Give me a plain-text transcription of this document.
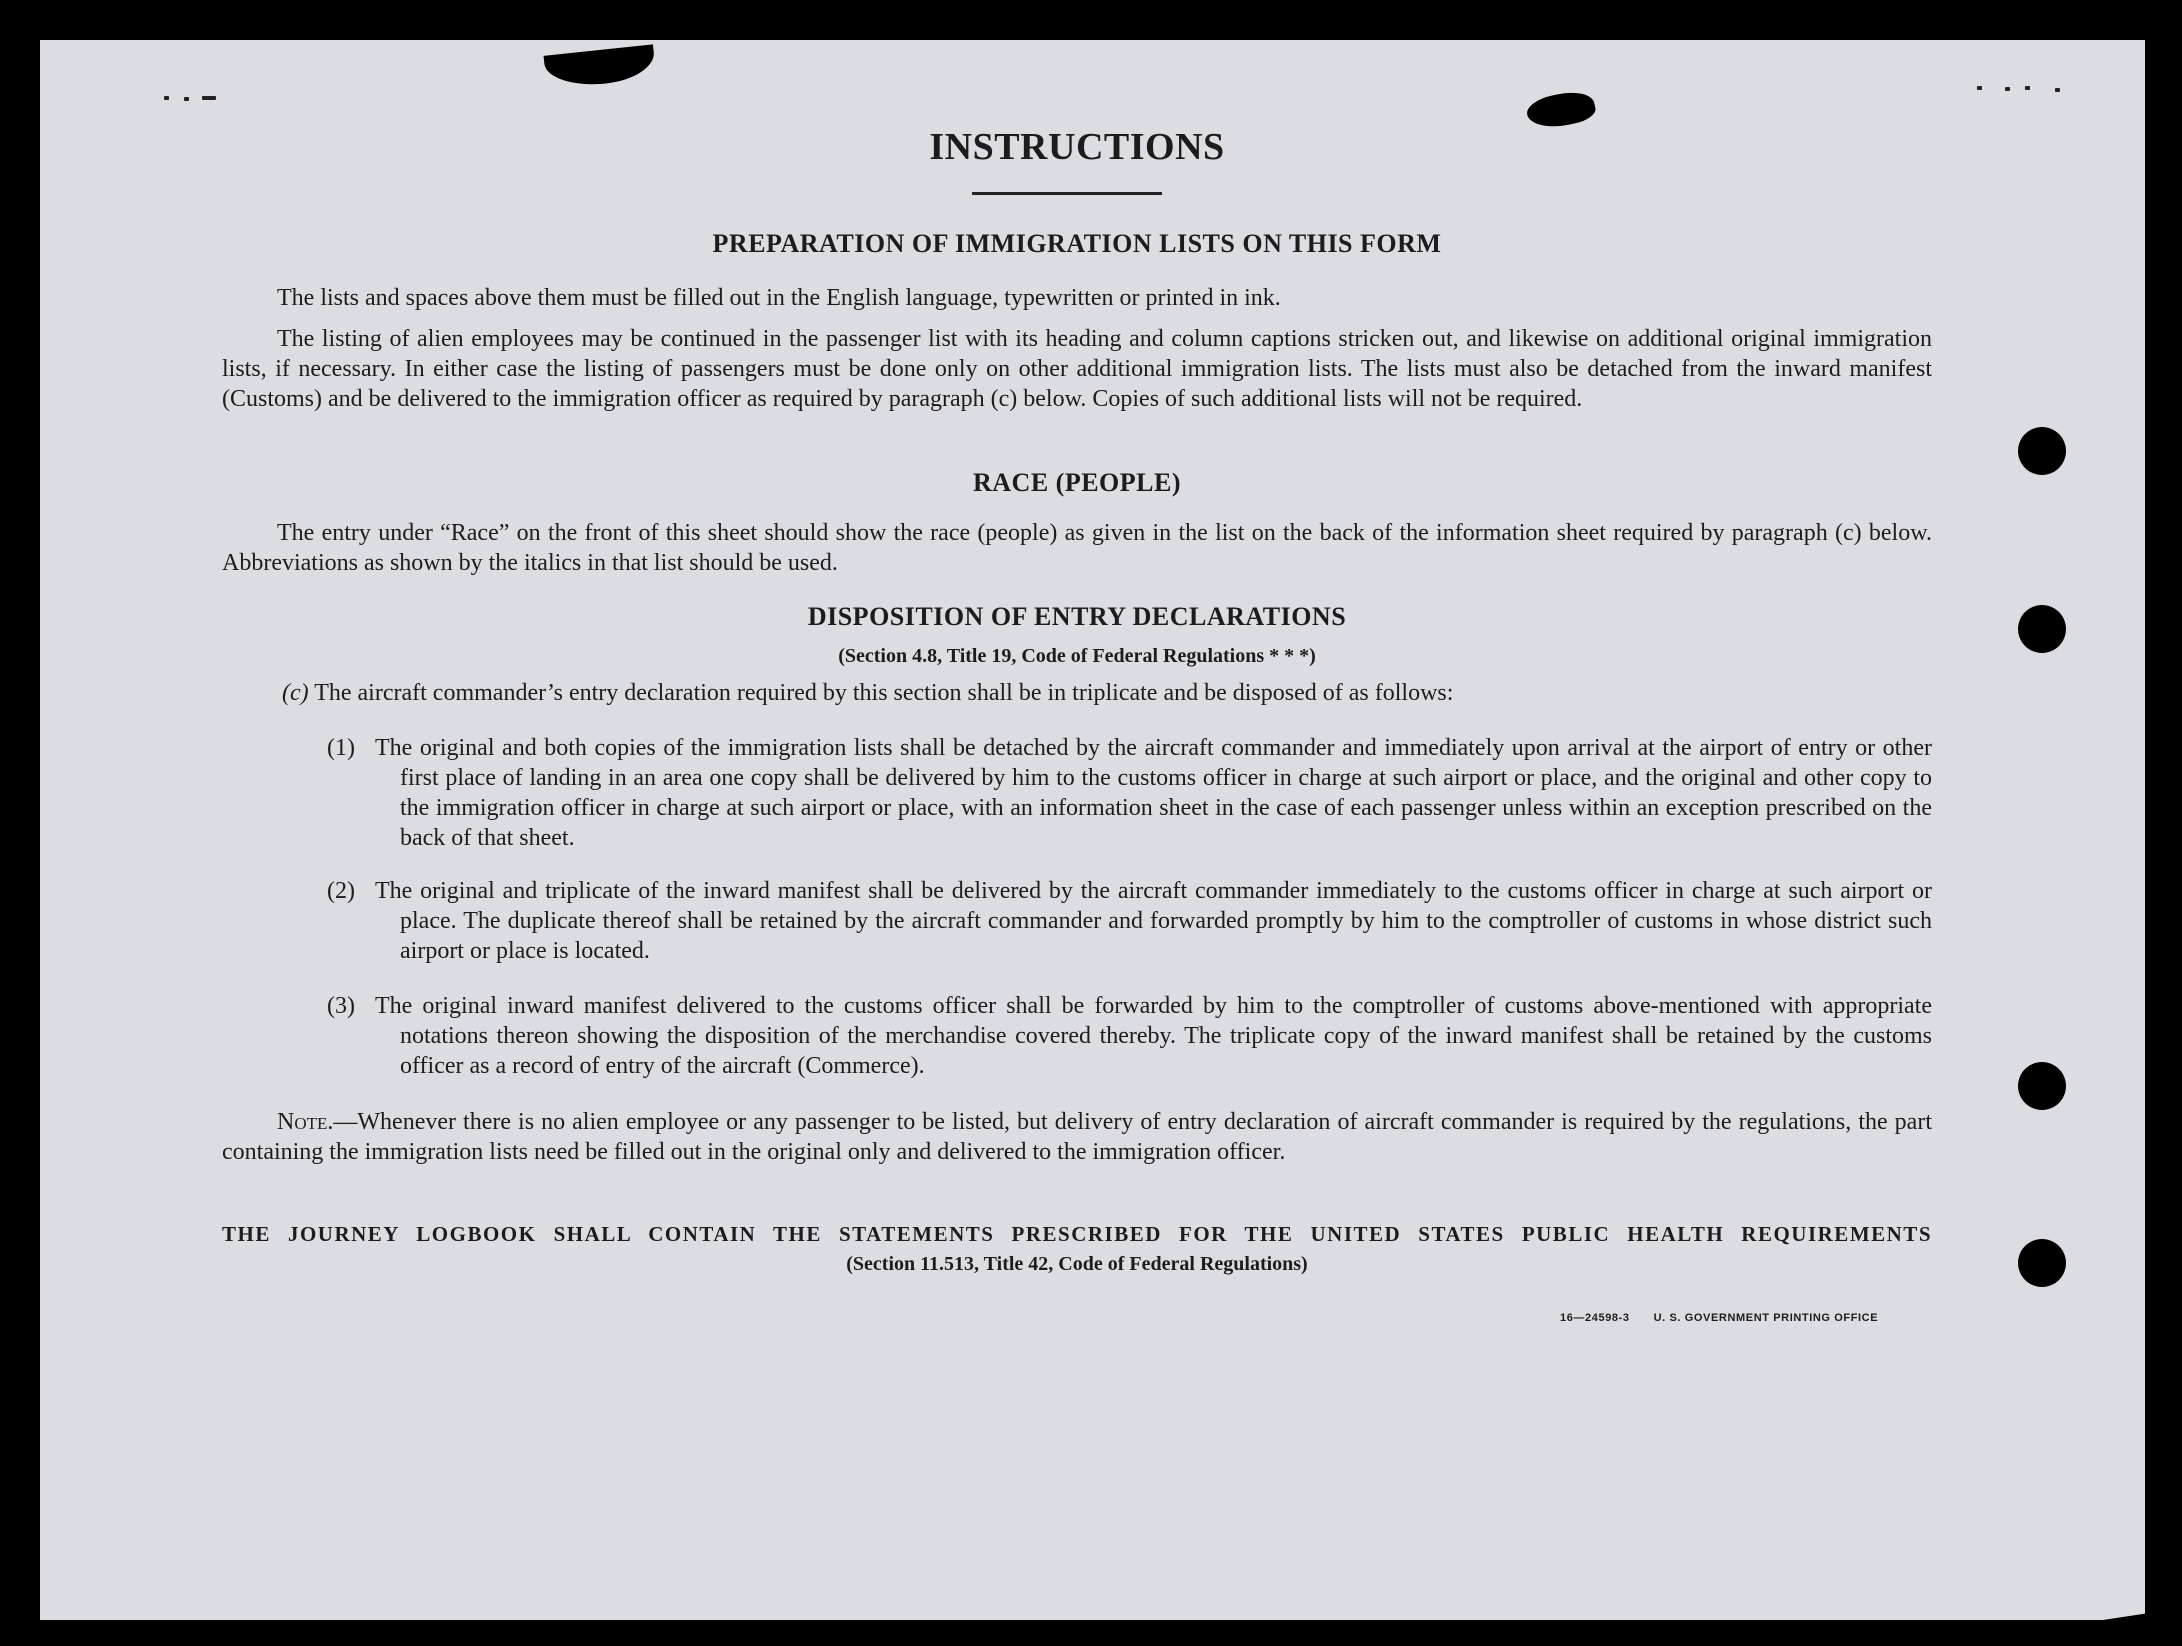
INSTRUCTIONS
PREPARATION OF IMMIGRATION LISTS ON THIS FORM

The lists and spaces above them must be filled out in the English language, typewritten or printed in ink.

The listing of alien employees may be continued in the passenger list with its heading and column captions stricken out, and likewise on additional original immigration lists, if necessary. In either case the listing of passengers must be done only on other additional immigration lists. The lists must also be detached from the inward manifest (Customs) and be delivered to the immigration officer as required by paragraph (c) below. Copies of such additional lists will not be required.

RACE (PEOPLE)

The entry under “Race” on the front of this sheet should show the race (people) as given in the list on the back of the information sheet required by paragraph (c) below. Abbreviations as shown by the italics in that list should be used.

DISPOSITION OF ENTRY DECLARATIONS
(Section 4.8, Title 19, Code of Federal Regulations * * *)

(c) The aircraft commander’s entry declaration required by this section shall be in triplicate and be disposed of as follows:

(1) The original and both copies of the immigration lists shall be detached by the aircraft commander and immediately upon arrival at the airport of entry or other first place of landing in an area one copy shall be delivered by him to the customs officer in charge at such airport or place, and the original and other copy to the immigration officer in charge at such airport or place, with an information sheet in the case of each passenger unless within an exception prescribed on the back of that sheet.

(2) The original and triplicate of the inward manifest shall be delivered by the aircraft commander immediately to the customs officer in charge at such airport or place. The duplicate thereof shall be retained by the aircraft commander and forwarded promptly by him to the comptroller of customs in whose district such airport or place is located.

(3) The original inward manifest delivered to the customs officer shall be forwarded by him to the comptroller of customs above-mentioned with appropriate notations thereon showing the disposition of the merchandise covered thereby. The triplicate copy of the inward manifest shall be retained by the customs officer as a record of entry of the aircraft (Commerce).

Note.—Whenever there is no alien employee or any passenger to be listed, but delivery of entry declaration of aircraft commander is required by the regulations, the part containing the immigration lists need be filled out in the original only and delivered to the immigration officer.

THE JOURNEY LOGBOOK SHALL CONTAIN THE STATEMENTS PRESCRIBED FOR THE UNITED STATES PUBLIC HEALTH REQUIREMENTS
(Section 11.513, Title 42, Code of Federal Regulations)
16—24598-3 U. S. GOVERNMENT PRINTING OFFICE
